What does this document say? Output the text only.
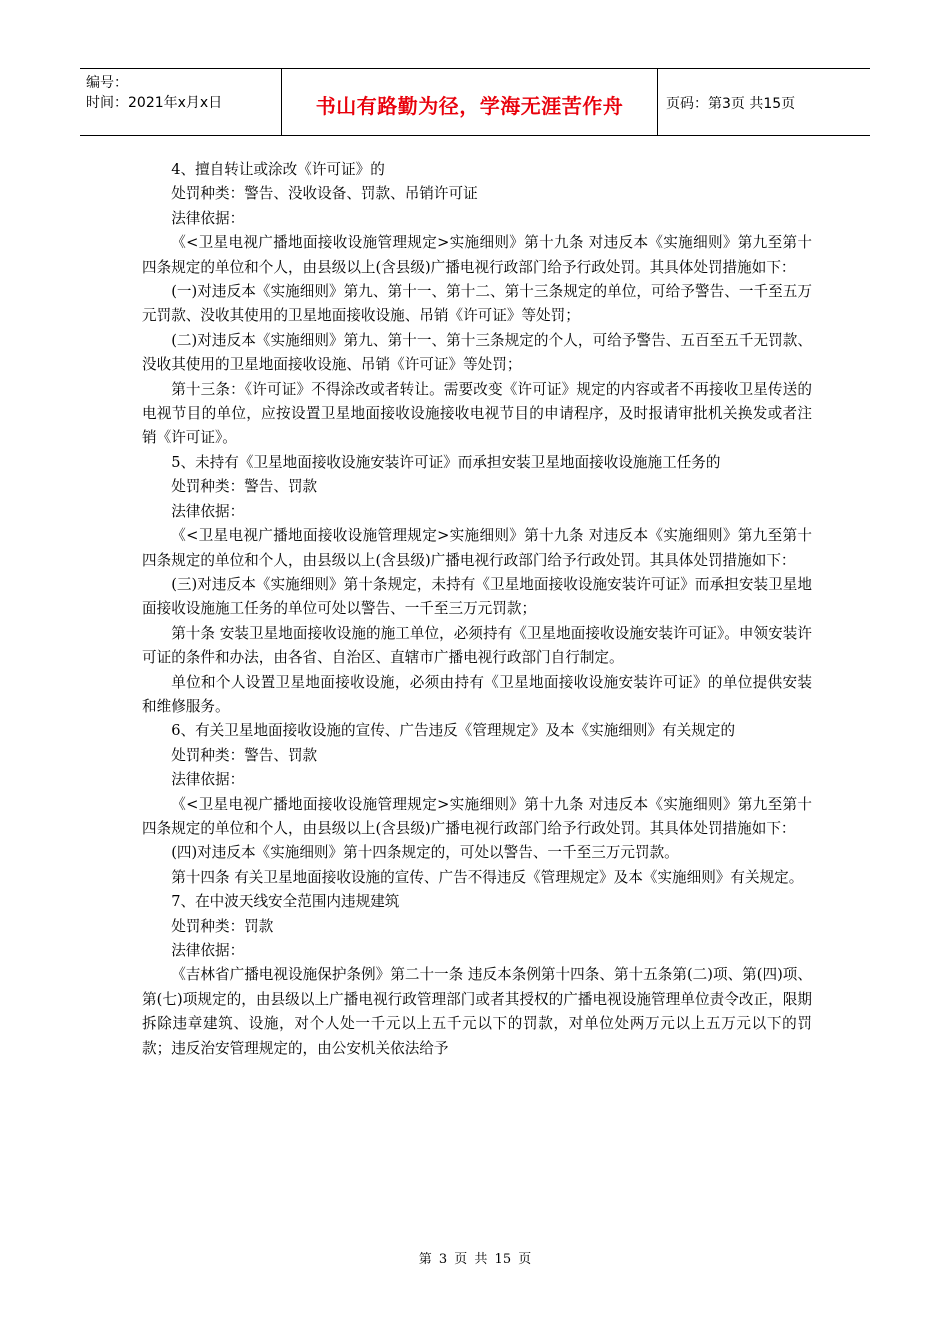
编号：
时间：2021年x月x日	书山有路勤为径，学海无涯苦作舟	页码：第3页 共15页

4、擅自转让或涂改《许可证》的

处罚种类：警告、没收设备、罚款、吊销许可证

法律依据：

《<卫星电视广播地面接收设施管理规定>实施细则》第十九条 对违反本《实施细则》第九至第十四条规定的单位和个人，由县级以上(含县级)广播电视行政部门给予行政处罚。其具体处罚措施如下：

(一)对违反本《实施细则》第九、第十一、第十二、第十三条规定的单位，可给予警告、一千至五万元罚款、没收其使用的卫星地面接收设施、吊销《许可证》等处罚；

(二)对违反本《实施细则》第九、第十一、第十三条规定的个人，可给予警告、五百至五千无罚款、没收其使用的卫星地面接收设施、吊销《许可证》等处罚；

第十三条：《许可证》不得涂改或者转让。需要改变《许可证》规定的内容或者不再接收卫星传送的电视节目的单位，应按设置卫星地面接收设施接收电视节目的申请程序，及时报请审批机关换发或者注销《许可证》。

5、未持有《卫星地面接收设施安装许可证》而承担安装卫星地面接收设施施工任务的

处罚种类：警告、罚款

法律依据：

《<卫星电视广播地面接收设施管理规定>实施细则》第十九条 对违反本《实施细则》第九至第十四条规定的单位和个人，由县级以上(含县级)广播电视行政部门给予行政处罚。其具体处罚措施如下：

(三)对违反本《实施细则》第十条规定，未持有《卫星地面接收设施安装许可证》而承担安装卫星地面接收设施施工任务的单位可处以警告、一千至三万元罚款；

第十条 安装卫星地面接收设施的施工单位，必须持有《卫星地面接收设施安装许可证》。申领安装许可证的条件和办法，由各省、自治区、直辖市广播电视行政部门自行制定。

单位和个人设置卫星地面接收设施，必须由持有《卫星地面接收设施安装许可证》的单位提供安装和维修服务。

6、有关卫星地面接收设施的宣传、广告违反《管理规定》及本《实施细则》有关规定的

处罚种类：警告、罚款

法律依据：

《<卫星电视广播地面接收设施管理规定>实施细则》第十九条 对违反本《实施细则》第九至第十四条规定的单位和个人，由县级以上(含县级)广播电视行政部门给予行政处罚。其具体处罚措施如下：

(四)对违反本《实施细则》第十四条规定的，可处以警告、一千至三万元罚款。

第十四条 有关卫星地面接收设施的宣传、广告不得违反《管理规定》及本《实施细则》有关规定。

7、在中波天线安全范围内违规建筑

处罚种类：罚款

法律依据：

《吉林省广播电视设施保护条例》第二十一条 违反本条例第十四条、第十五条第(二)项、第(四)项、第(七)项规定的，由县级以上广播电视行政管理部门或者其授权的广播电视设施管理单位责令改正，限期拆除违章建筑、设施，对个人处一千元以上五千元以下的罚款，对单位处两万元以上五万元以下的罚款；违反治安管理规定的，由公安机关依法给予

第 3 页 共 15 页
